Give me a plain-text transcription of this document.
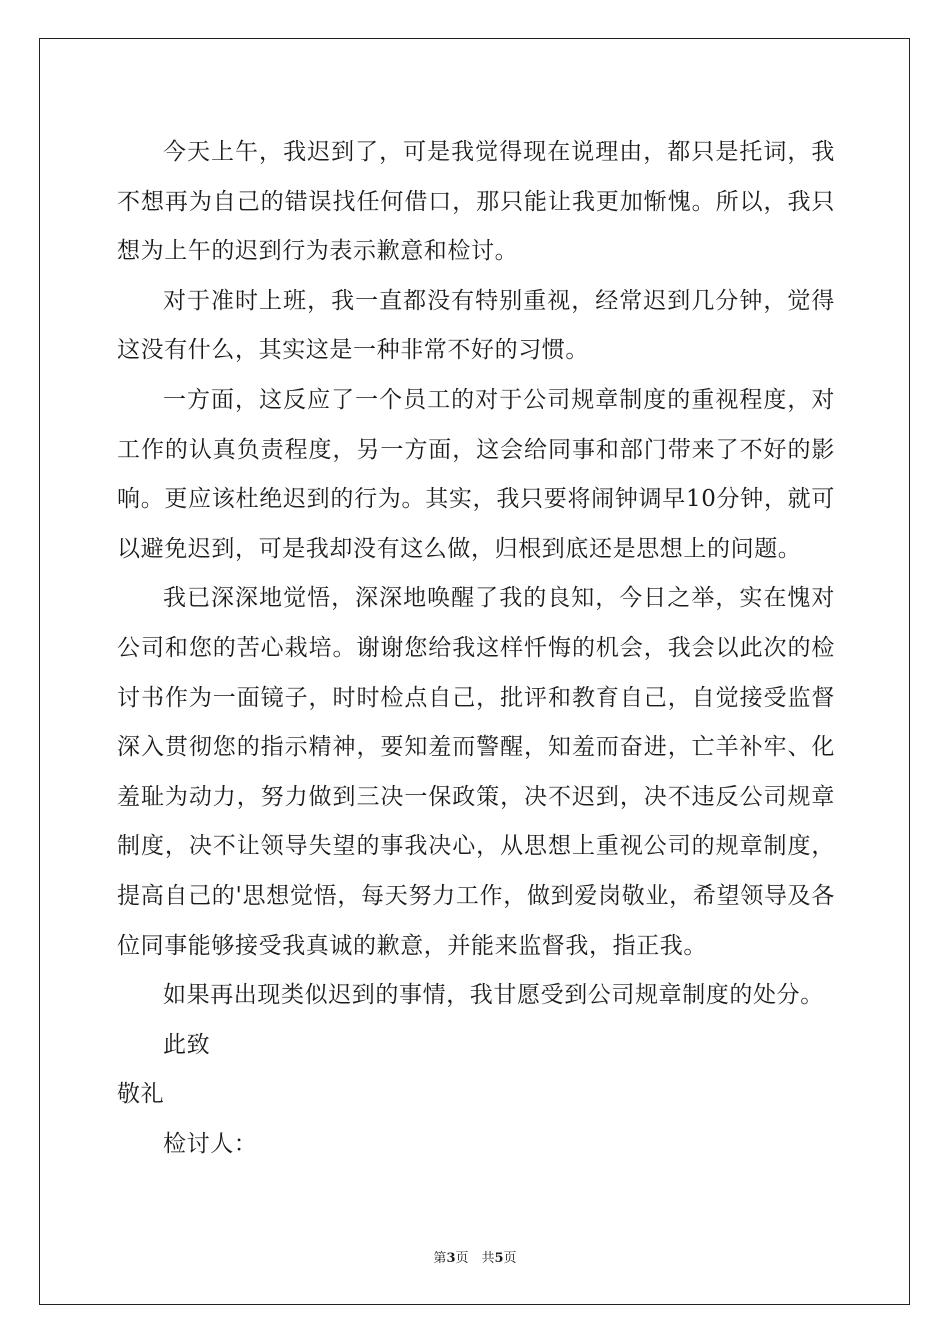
今天上午，我迟到了，可是我觉得现在说理由，都只是托词，我不想再为自己的错误找任何借口，那只能让我更加惭愧。所以，我只想为上午的迟到行为表示歉意和检讨。

对于准时上班，我一直都没有特别重视，经常迟到几分钟，觉得这没有什么，其实这是一种非常不好的习惯。

一方面，这反应了一个员工的对于公司规章制度的重视程度，对工作的认真负责程度，另一方面，这会给同事和部门带来了不好的影响。更应该杜绝迟到的行为。其实，我只要将闹钟调早10分钟，就可以避免迟到，可是我却没有这么做，归根到底还是思想上的问题。

我已深深地觉悟，深深地唤醒了我的良知，今日之举，实在愧对公司和您的苦心栽培。谢谢您给我这样忏悔的机会，我会以此次的检讨书作为一面镜子，时时检点自己，批评和教育自己，自觉接受监督深入贯彻您的指示精神，要知羞而警醒，知羞而奋进，亡羊补牢、化羞耻为动力，努力做到三决一保政策，决不迟到，决不违反公司规章制度，决不让领导失望的事我决心，从思想上重视公司的规章制度，提高自己的'思想觉悟，每天努力工作，做到爱岗敬业，希望领导及各位同事能够接受我真诚的歉意，并能来监督我，指正我。

如果再出现类似迟到的事情，我甘愿受到公司规章制度的处分。

此致

敬礼

检讨人：

第3页　共5页
